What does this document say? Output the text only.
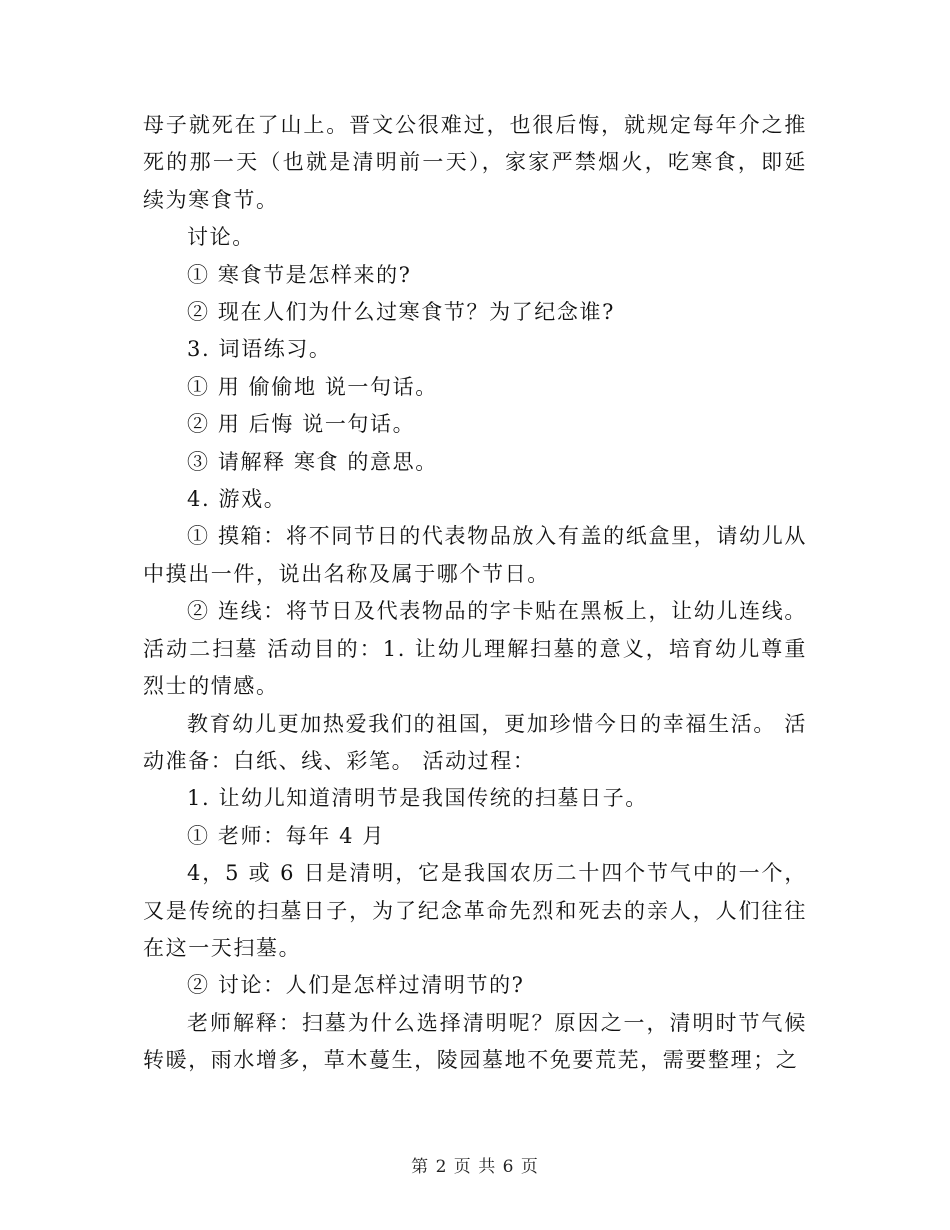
母子就死在了山上。晋文公很难过，也很后悔，就规定每年介之推死的那一天（也就是清明前一天），家家严禁烟火，吃寒食，即延续为寒食节。

讨论。

① 寒食节是怎样来的?

② 现在人们为什么过寒食节？为了纪念谁?

3. 词语练习。

① 用 偷偷地 说一句话。

② 用 后悔 说一句话。

③ 请解释 寒食 的意思。

4. 游戏。

① 摸箱：将不同节日的代表物品放入有盖的纸盒里，请幼儿从中摸出一件，说出名称及属于哪个节日。

② 连线：将节日及代表物品的字卡贴在黑板上，让幼儿连线。活动二扫墓 活动目的：1. 让幼儿理解扫墓的意义，培育幼儿尊重烈士的情感。

教育幼儿更加热爱我们的祖国，更加珍惜今日的幸福生活。 活动准备：白纸、线、彩笔。 活动过程：

1. 让幼儿知道清明节是我国传统的扫墓日子。

① 老师：每年 4 月

4，5 或 6 日是清明，它是我国农历二十四个节气中的一个，又是传统的扫墓日子，为了纪念革命先烈和死去的亲人，人们往往在这一天扫墓。

② 讨论：人们是怎样过清明节的?

老师解释：扫墓为什么选择清明呢？原因之一，清明时节气候转暖，雨水增多，草木蔓生，陵园墓地不免要荒芜，需要整理；之

第 2 页 共 6 页
